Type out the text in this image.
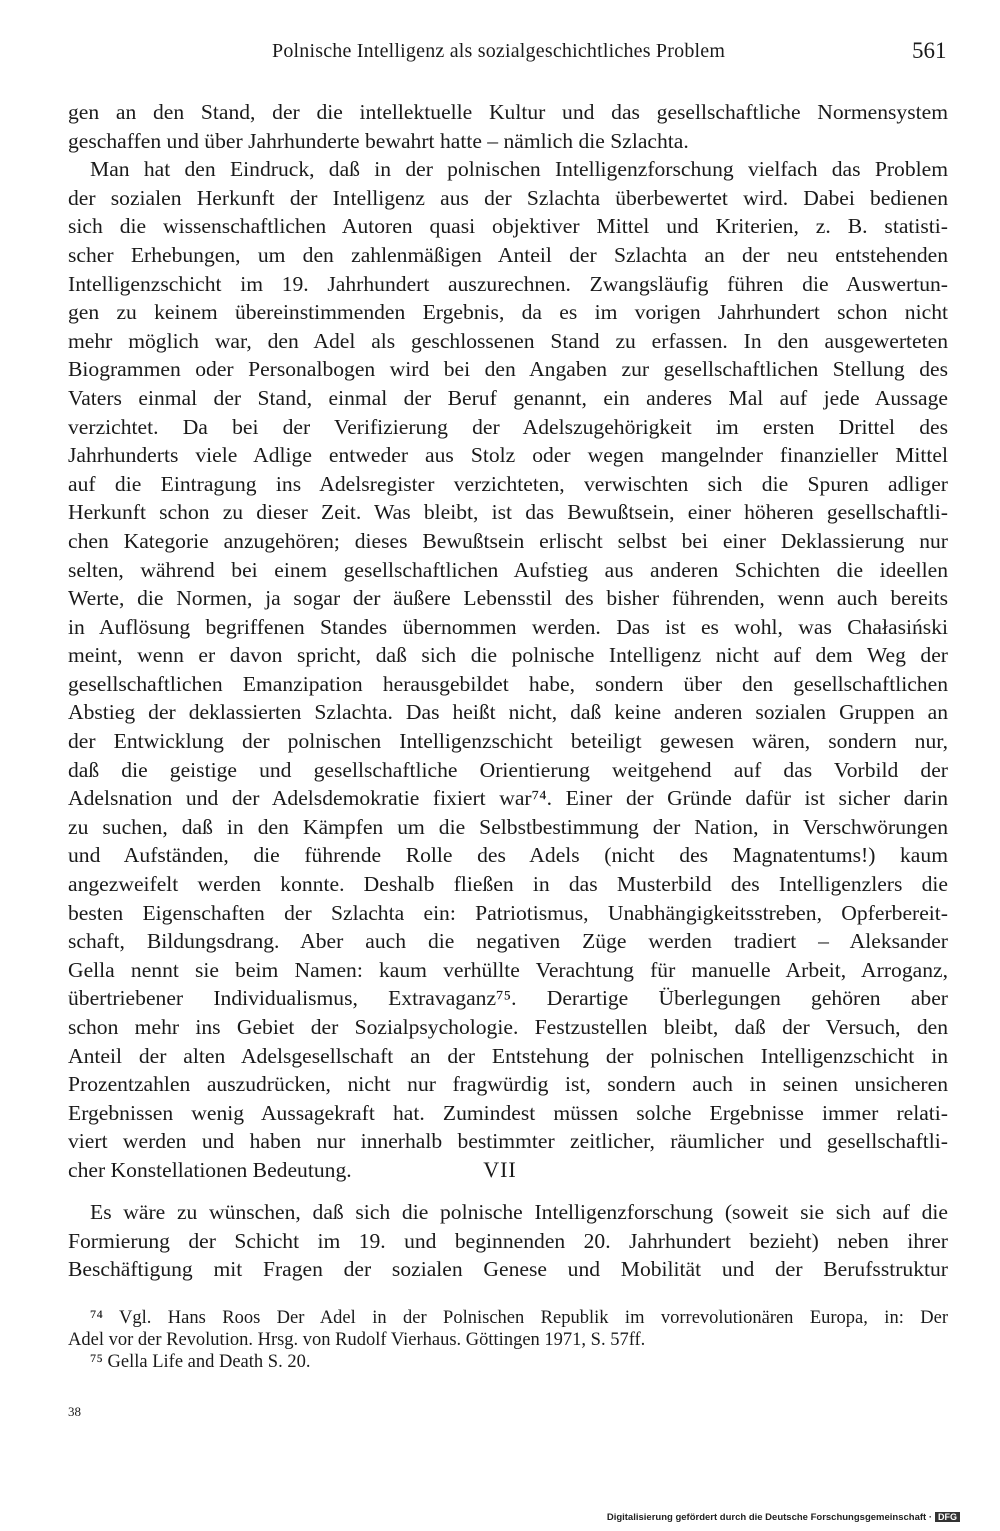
Polnische Intelligenz als sozialgeschichtliches Problem	561
gen an den Stand, der die intellektuelle Kultur und das gesellschaftliche Normensystem
geschaffen und über Jahrhunderte bewahrt hatte – nämlich die Szlachta.
Man hat den Eindruck, daß in der polnischen Intelligenzforschung vielfach das Problem
der sozialen Herkunft der Intelligenz aus der Szlachta überbewertet wird. Dabei bedienen
sich die wissenschaftlichen Autoren quasi objektiver Mittel und Kriterien, z. B. statisti-
scher Erhebungen, um den zahlenmäßigen Anteil der Szlachta an der neu entstehenden
Intelligenzschicht im 19. Jahrhundert auszurechnen. Zwangsläufig führen die Auswertun-
gen zu keinem übereinstimmenden Ergebnis, da es im vorigen Jahrhundert schon nicht
mehr möglich war, den Adel als geschlossenen Stand zu erfassen. In den ausgewerteten
Biogrammen oder Personalbogen wird bei den Angaben zur gesellschaftlichen Stellung des
Vaters einmal der Stand, einmal der Beruf genannt, ein anderes Mal auf jede Aussage
verzichtet. Da bei der Verifizierung der Adelszugehörigkeit im ersten Drittel des
Jahrhunderts viele Adlige entweder aus Stolz oder wegen mangelnder finanzieller Mittel
auf die Eintragung ins Adelsregister verzichteten, verwischten sich die Spuren adliger
Herkunft schon zu dieser Zeit. Was bleibt, ist das Bewußtsein, einer höheren gesellschaftli-
chen Kategorie anzugehören; dieses Bewußtsein erlischt selbst bei einer Deklassierung nur
selten, während bei einem gesellschaftlichen Aufstieg aus anderen Schichten die ideellen
Werte, die Normen, ja sogar der äußere Lebensstil des bisher führenden, wenn auch bereits
in Auflösung begriffenen Standes übernommen werden. Das ist es wohl, was Chałasiński
meint, wenn er davon spricht, daß sich die polnische Intelligenz nicht auf dem Weg der
gesellschaftlichen Emanzipation herausgebildet habe, sondern über den gesellschaftlichen
Abstieg der deklassierten Szlachta. Das heißt nicht, daß keine anderen sozialen Gruppen an
der Entwicklung der polnischen Intelligenzschicht beteiligt gewesen wären, sondern nur,
daß die geistige und gesellschaftliche Orientierung weitgehend auf das Vorbild der
Adelsnation und der Adelsdemokratie fixiert war⁷⁴. Einer der Gründe dafür ist sicher darin
zu suchen, daß in den Kämpfen um die Selbstbestimmung der Nation, in Verschwörungen
und Aufständen, die führende Rolle des Adels (nicht des Magnatentums!) kaum
angezweifelt werden konnte. Deshalb fließen in das Musterbild des Intelligenzlers die
besten Eigenschaften der Szlachta ein: Patriotismus, Unabhängigkeitsstreben, Opferbereit-
schaft, Bildungsdrang. Aber auch die negativen Züge werden tradiert – Aleksander
Gella nennt sie beim Namen: kaum verhüllte Verachtung für manuelle Arbeit, Arroganz,
übertriebener Individualismus, Extravaganz⁷⁵. Derartige Überlegungen gehören aber
schon mehr ins Gebiet der Sozialpsychologie. Festzustellen bleibt, daß der Versuch, den
Anteil der alten Adelsgesellschaft an der Entstehung der polnischen Intelligenzschicht in
Prozentzahlen auszudrücken, nicht nur fragwürdig ist, sondern auch in seinen unsicheren
Ergebnissen wenig Aussagekraft hat. Zumindest müssen solche Ergebnisse immer relati-
viert werden und haben nur innerhalb bestimmter zeitlicher, räumlicher und gesellschaftli-
cher Konstellationen Bedeutung.	VII
Es wäre zu wünschen, daß sich die polnische Intelligenzforschung (soweit sie sich auf die
Formierung der Schicht im 19. und beginnenden 20. Jahrhundert bezieht) neben ihrer
Beschäftigung mit Fragen der sozialen Genese und Mobilität und der Berufsstruktur
⁷⁴ Vgl. Hans Roos Der Adel in der Polnischen Republik im vorrevolutionären Europa, in: Der
Adel vor der Revolution. Hrsg. von Rudolf Vierhaus. Göttingen 1971, S. 57ff.
⁷⁵ Gella Life and Death S. 20.
38
Digitalisierung gefördert durch die Deutsche Forschungsgemeinschaft · DFG
